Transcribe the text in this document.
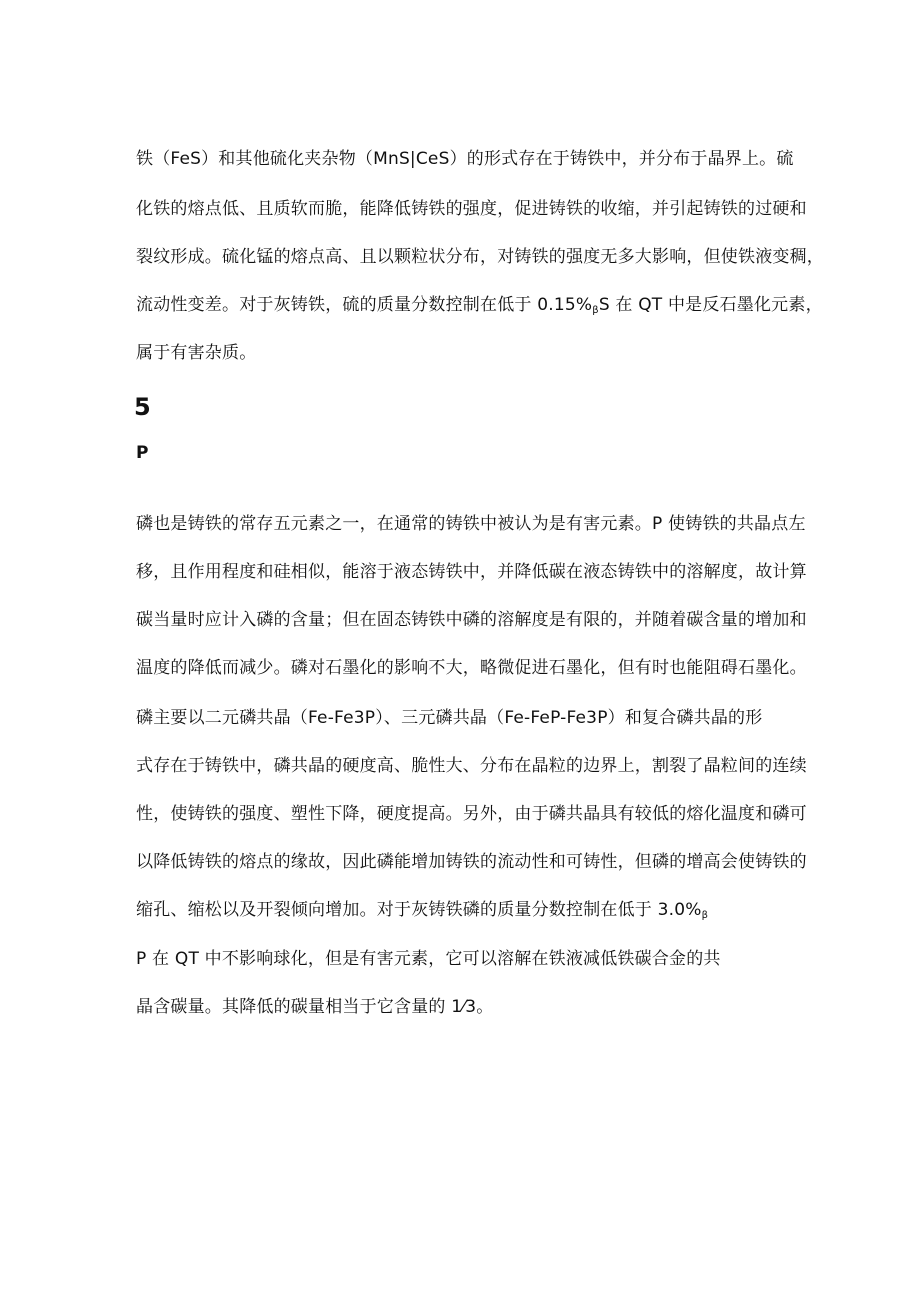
铁（FeS）和其他硫化夹杂物（MnS|CeS）的形式存在于铸铁中，并分布于晶界上。硫
化铁的熔点低、且质软而脆，能降低铸铁的强度，促进铸铁的收缩，并引起铸铁的过硬和
裂纹形成。硫化锰的熔点高、且以颗粒状分布，对铸铁的强度无多大影响，但使铁液变稠，
流动性变差。对于灰铸铁，硫的质量分数控制在低于 $0.15\%_\beta S$ 在 QT 中是反石墨化元素，
属于有害杂质。
5
P
磷也是铸铁的常存五元素之一，在通常的铸铁中被认为是有害元素。P 使铸铁的共晶点左
移，且作用程度和硅相似，能溶于液态铸铁中，并降低碳在液态铸铁中的溶解度，故计算
碳当量时应计入磷的含量；但在固态铸铁中磷的溶解度是有限的，并随着碳含量的增加和
温度的降低而减少。磷对石墨化的影响不大，略微促进石墨化，但有时也能阻碍石墨化。
磷主要以二元磷共晶（Fe-Fe3P）、三元磷共晶（Fe-FeP-Fe3P）和复合磷共晶的形
式存在于铸铁中，磷共晶的硬度高、脆性大、分布在晶粒的边界上，割裂了晶粒间的连续
性，使铸铁的强度、塑性下降，硬度提高。另外，由于磷共晶具有较低的熔化温度和磷可
以降低铸铁的熔点的缘故，因此磷能增加铸铁的流动性和可铸性，但磷的增高会使铸铁的
缩孔、缩松以及开裂倾向增加。对于灰铸铁磷的质量分数控制在低于 $3.0\%_\beta$
P 在 QT 中不影响球化，但是有害元素，它可以溶解在铁液减低铁碳合金的共
晶含碳量。其降低的碳量相当于它含量的 1⁄3。
